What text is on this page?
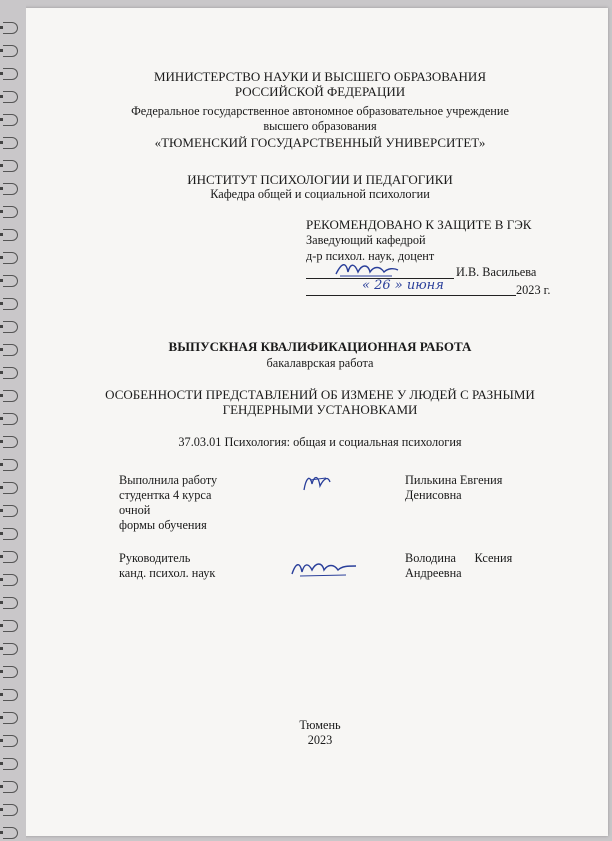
МИНИСТЕРСТВО НАУКИ И ВЫСШЕГО ОБРАЗОВАНИЯ
РОССИЙСКОЙ ФЕДЕРАЦИИ
Федеральное государственное автономное образовательное учреждение
высшего образования
«ТЮМЕНСКИЙ ГОСУДАРСТВЕННЫЙ УНИВЕРСИТЕТ»
ИНСТИТУТ ПСИХОЛОГИИ И ПЕДАГОГИКИ
Кафедра общей и социальной психологии
РЕКОМЕНДОВАНО К ЗАЩИТЕ В ГЭК
Заведующий кафедрой
д-р психол. наук, доцент
И.В. Васильева
« 26 » июня	2023 г.
ВЫПУСКНАЯ КВАЛИФИКАЦИОННАЯ РАБОТА
бакалаврская работа
ОСОБЕННОСТИ ПРЕДСТАВЛЕНИЙ ОБ ИЗМЕНЕ У ЛЮДЕЙ С РАЗНЫМИ
ГЕНДЕРНЫМИ УСТАНОВКАМИ
37.03.01 Психология: общая и социальная психология
Выполнила работу
студентка 4 курса
очной
формы обучения
Пилькина Евгения
Денисовна
Руководитель
канд. психол. наук
Володина      Ксения
Андреевна
Тюмень
2023
